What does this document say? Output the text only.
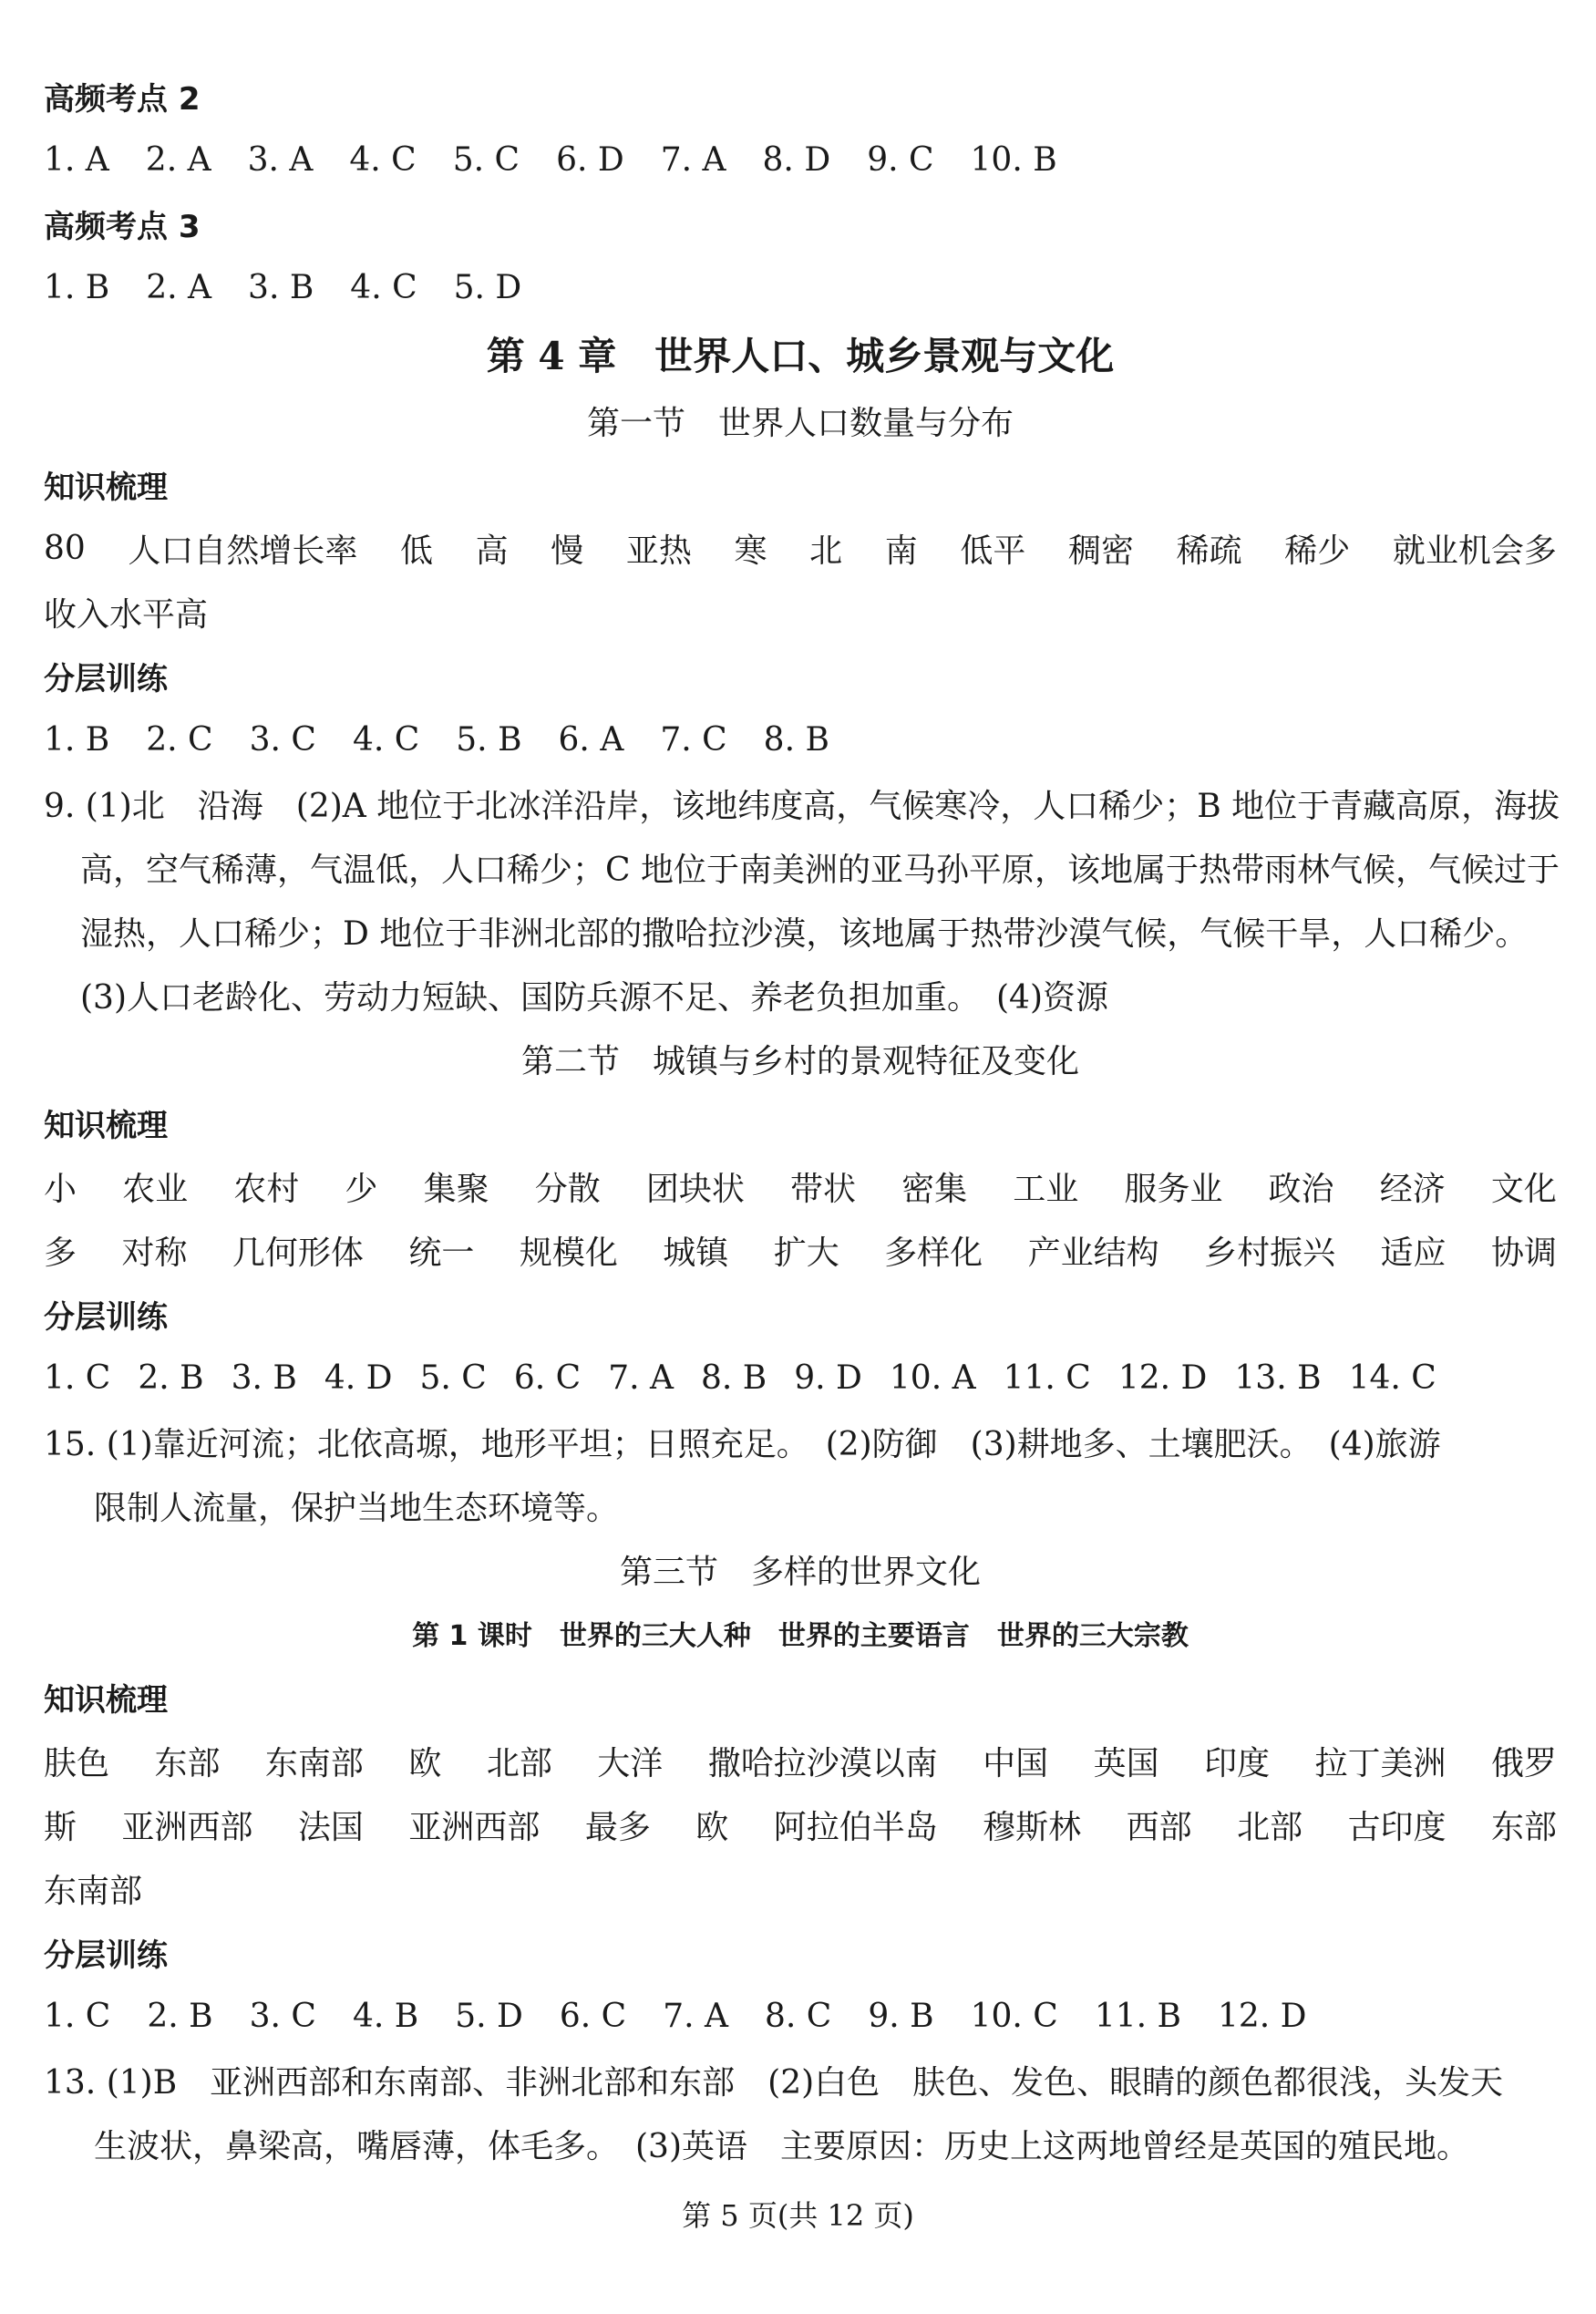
高频考点 2
1. A 2. A 3. A 4. C 5. C 6. D 7. A 8. D 9. C 10. B
高频考点 3
1. B 2. A 3. B 4. C 5. D
第 4 章　世界人口、城乡景观与文化
第一节　世界人口数量与分布
知识梳理
80 人口自然增长率 低 高 慢 亚热 寒 北 南 低平 稠密 稀疏 稀少 就业机会多
收入水平高
分层训练
1. B 2. C 3. C 4. C 5. B 6. A 7. C 8. B
9. (1)北　沿海　(2)A 地位于北冰洋沿岸，该地纬度高，气候寒冷，人口稀少；B 地位于青藏高原，海拔
高，空气稀薄，气温低，人口稀少；C 地位于南美洲的亚马孙平原，该地属于热带雨林气候，气候过于
湿热，人口稀少；D 地位于非洲北部的撒哈拉沙漠，该地属于热带沙漠气候，气候干旱，人口稀少。
(3)人口老龄化、劳动力短缺、国防兵源不足、养老负担加重。　(4)资源
第二节　城镇与乡村的景观特征及变化
知识梳理
小 农业 农村 少 集聚 分散 团块状 带状 密集 工业 服务业 政治 经济 文化
多 对称 几何形体 统一 规模化 城镇 扩大 多样化 产业结构 乡村振兴 适应 协调
分层训练
1. C 2. B 3. B 4. D 5. C 6. C 7. A 8. B 9. D 10. A 11. C 12. D 13. B 14. C
15. (1)靠近河流；北依高塬，地形平坦；日照充足。　(2)防御　(3)耕地多、土壤肥沃。　(4)旅游
限制人流量，保护当地生态环境等。
第三节　多样的世界文化
第 1 课时　世界的三大人种　世界的主要语言　世界的三大宗教
知识梳理
肤色 东部 东南部 欧 北部 大洋 撒哈拉沙漠以南 中国 英国 印度 拉丁美洲 俄罗
斯 亚洲西部 法国 亚洲西部 最多 欧 阿拉伯半岛 穆斯林 西部 北部 古印度 东部
东南部
分层训练
1. C 2. B 3. C 4. B 5. D 6. C 7. A 8. C 9. B 10. C 11. B 12. D
13. (1)B　亚洲西部和东南部、非洲北部和东部　(2)白色　肤色、发色、眼睛的颜色都很浅，头发天
生波状，鼻梁高，嘴唇薄，体毛多。　(3)英语　主要原因：历史上这两地曾经是英国的殖民地。
第 5 页(共 12 页)
